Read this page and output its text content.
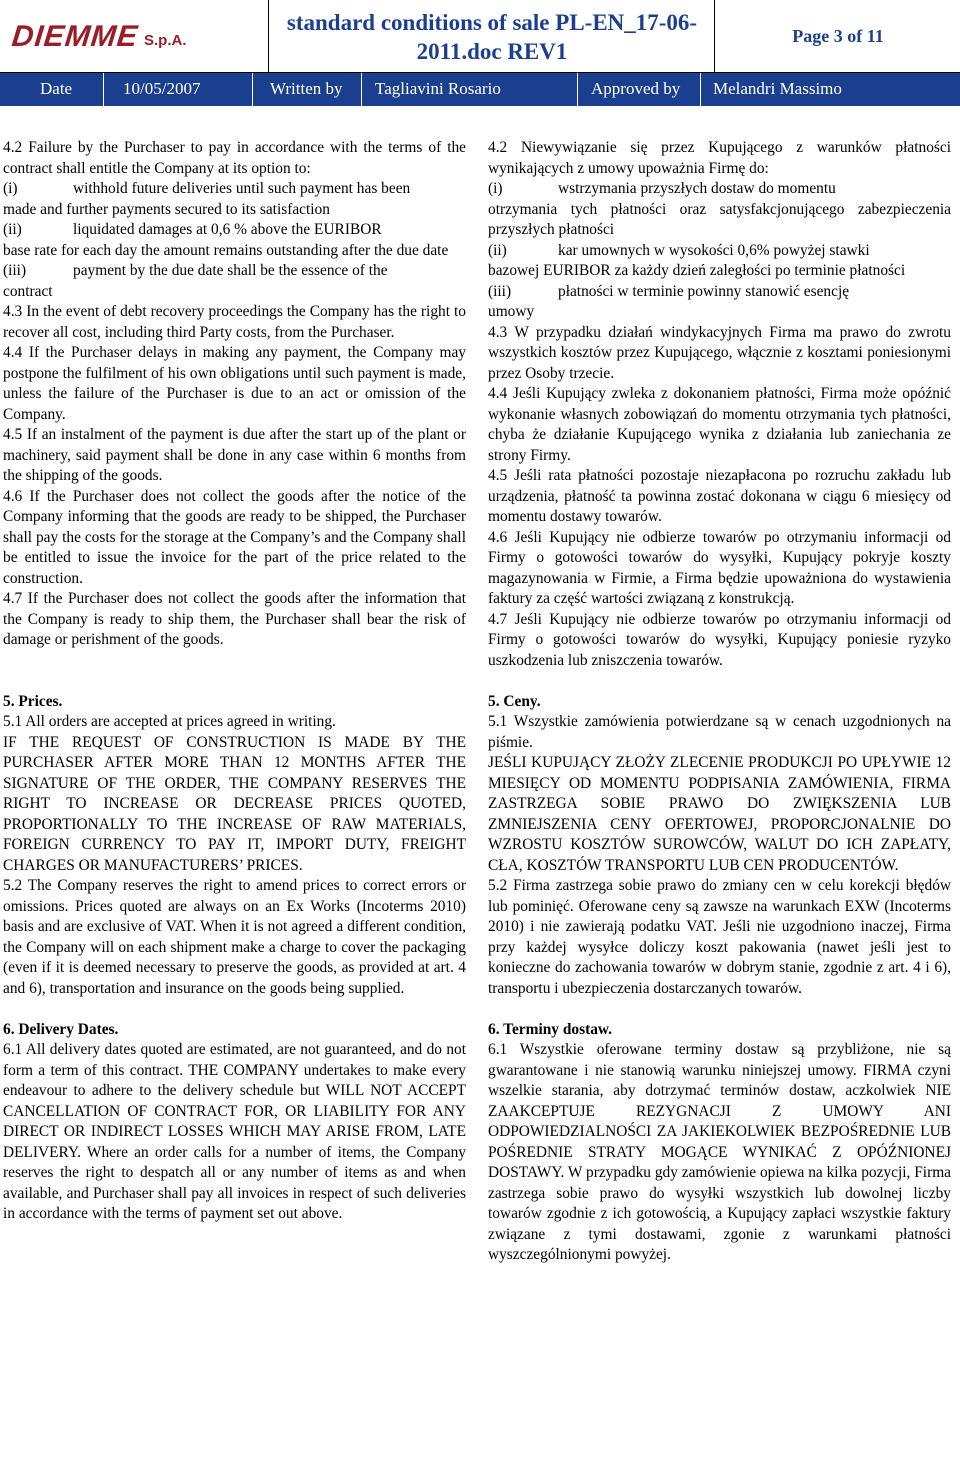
DIEMME S.p.A.
standard conditions of sale PL-EN_17-06-2011.doc REV1
Page 3 of 11
Date	10/05/2007	Written by Tagliavini Rosario	Approved by Melandri Massimo

4.2 Failure by the Purchaser to pay in accordance with the terms of the contract shall entitle the Company at its option to:

(i)	withhold future deliveries until such payment has been

made and further payments secured to its satisfaction

(ii)	liquidated damages at 0,6 % above the EURIBOR

base rate for each day the amount remains outstanding after the due date

(iii)	payment by the due date shall be the essence of the

contract

4.3 In the event of debt recovery proceedings the Company has the right to recover all cost, including third Party costs, from the Purchaser.

4.4 If the Purchaser delays in making any payment, the Company may postpone the fulfilment of his own obligations until such payment is made, unless the failure of the Purchaser is due to an act or omission of the Company.

4.5 If an instalment of the payment is due after the start up of the plant or machinery, said payment shall be done in any case within 6 months from the shipping of the goods.

4.6 If the Purchaser does not collect the goods after the notice of the Company informing that the goods are ready to be shipped, the Purchaser shall pay the costs for the storage at the Company’s and the Company shall be entitled to issue the invoice for the part of the price related to the construction.

4.7 If the Purchaser does not collect the goods after the information that the Company is ready to ship them, the Purchaser shall bear the risk of damage or perishment of the goods.

5. Prices.

5.1 All orders are accepted at prices agreed in writing.

IF THE REQUEST OF CONSTRUCTION IS MADE BY THE PURCHASER AFTER MORE THAN 12 MONTHS AFTER THE SIGNATURE OF THE ORDER, THE COMPANY RESERVES THE RIGHT TO INCREASE OR DECREASE PRICES QUOTED, PROPORTIONALLY TO THE INCREASE OF RAW MATERIALS, FOREIGN CURRENCY TO PAY IT, IMPORT DUTY, FREIGHT CHARGES OR MANUFACTURERS’ PRICES.

5.2 The Company reserves the right to amend prices to correct errors or omissions. Prices quoted are always on an Ex Works (Incoterms 2010) basis and are exclusive of VAT. When it is not agreed a different condition, the Company will on each shipment make a charge to cover the packaging (even if it is deemed necessary to preserve the goods, as provided at art. 4 and 6), transportation and insurance on the goods being supplied.

6. Delivery Dates.

6.1 All delivery dates quoted are estimated, are not guaranteed, and do not form a term of this contract. THE COMPANY undertakes to make every endeavour to adhere to the delivery schedule but WILL NOT ACCEPT CANCELLATION OF CONTRACT FOR, OR LIABILITY FOR ANY DIRECT OR INDIRECT LOSSES WHICH MAY ARISE FROM, LATE DELIVERY. Where an order calls for a number of items, the Company reserves the right to despatch all or any number of items as and when available, and Purchaser shall pay all invoices in respect of such deliveries in accordance with the terms of payment set out above.

4.2 Niewywiązanie się przez Kupującego z warunków płatności wynikających z umowy upoważnia Firmę do:

(i)	wstrzymania przyszłych dostaw do momentu

otrzymania tych płatności oraz satysfakcjonującego zabezpieczenia przyszłych płatności

(ii)	kar umownych w wysokości 0,6% powyżej stawki

bazowej EURIBOR za każdy dzień zaległości po terminie płatności

(iii)	płatności w terminie powinny stanowić esencję

umowy

4.3 W przypadku działań windykacyjnych Firma ma prawo do zwrotu wszystkich kosztów przez Kupującego, włącznie z kosztami poniesionymi przez Osoby trzecie.

4.4 Jeśli Kupujący zwleka z dokonaniem płatności, Firma może opóźnić wykonanie własnych zobowiązań do momentu otrzymania tych płatności, chyba że działanie Kupującego wynika z działania lub zaniechania ze strony Firmy.

4.5 Jeśli rata płatności pozostaje niezapłacona po rozruchu zakładu lub urządzenia, płatność ta powinna zostać dokonana w ciągu 6 miesięcy od momentu dostawy towarów.

4.6 Jeśli Kupujący nie odbierze towarów po otrzymaniu informacji od Firmy o gotowości towarów do wysyłki, Kupujący pokryje koszty magazynowania w Firmie, a Firma będzie upoważniona do wystawienia faktury za część wartości związaną z konstrukcją.

4.7 Jeśli Kupujący nie odbierze towarów po otrzymaniu informacji od Firmy o gotowości towarów do wysyłki, Kupujący poniesie ryzyko uszkodzenia lub zniszczenia towarów.

5. Ceny.

5.1 Wszystkie zamówienia potwierdzane są w cenach uzgodnionych na piśmie.

JEŚLI KUPUJĄCY ZŁOŻY ZLECENIE PRODUKCJI PO UPŁYWIE 12 MIESIĘCY OD MOMENTU PODPISANIA ZAMÓWIENIA, FIRMA ZASTRZEGA SOBIE PRAWO DO ZWIĘKSZENIA LUB ZMNIEJSZENIA CENY OFERTOWEJ, PROPORCJONALNIE DO WZROSTU KOSZTÓW SUROWCÓW, WALUT DO ICH ZAPŁATY, CŁA, KOSZTÓW TRANSPORTU LUB CEN PRODUCENTÓW.

5.2 Firma zastrzega sobie prawo do zmiany cen w celu korekcji błędów lub pominięć. Oferowane ceny są zawsze na warunkach EXW (Incoterms 2010) i nie zawierają podatku VAT. Jeśli nie uzgodniono inaczej, Firma przy każdej wysyłce doliczy koszt pakowania (nawet jeśli jest to konieczne do zachowania towarów w dobrym stanie, zgodnie z art. 4 i 6), transportu i ubezpieczenia dostarczanych towarów.

6. Terminy dostaw.

6.1 Wszystkie oferowane terminy dostaw są przybliżone, nie są gwarantowane i nie stanowią warunku niniejszej umowy. FIRMA czyni wszelkie starania, aby dotrzymać terminów dostaw, aczkolwiek NIE ZAAKCEPTUJE REZYGNACJI Z UMOWY ANI ODPOWIEDZIALNOŚCI ZA JAKIEKOLWIEK BEZPOŚREDNIE LUB POŚREDNIE STRATY MOGĄCE WYNIKAĆ Z OPÓŹNIONEJ DOSTAWY. W przypadku gdy zamówienie opiewa na kilka pozycji, Firma zastrzega sobie prawo do wysyłki wszystkich lub dowolnej liczby towarów zgodnie z ich gotowością, a Kupujący zapłaci wszystkie faktury związane z tymi dostawami, zgonie z warunkami płatności wyszczególnionymi powyżej.
